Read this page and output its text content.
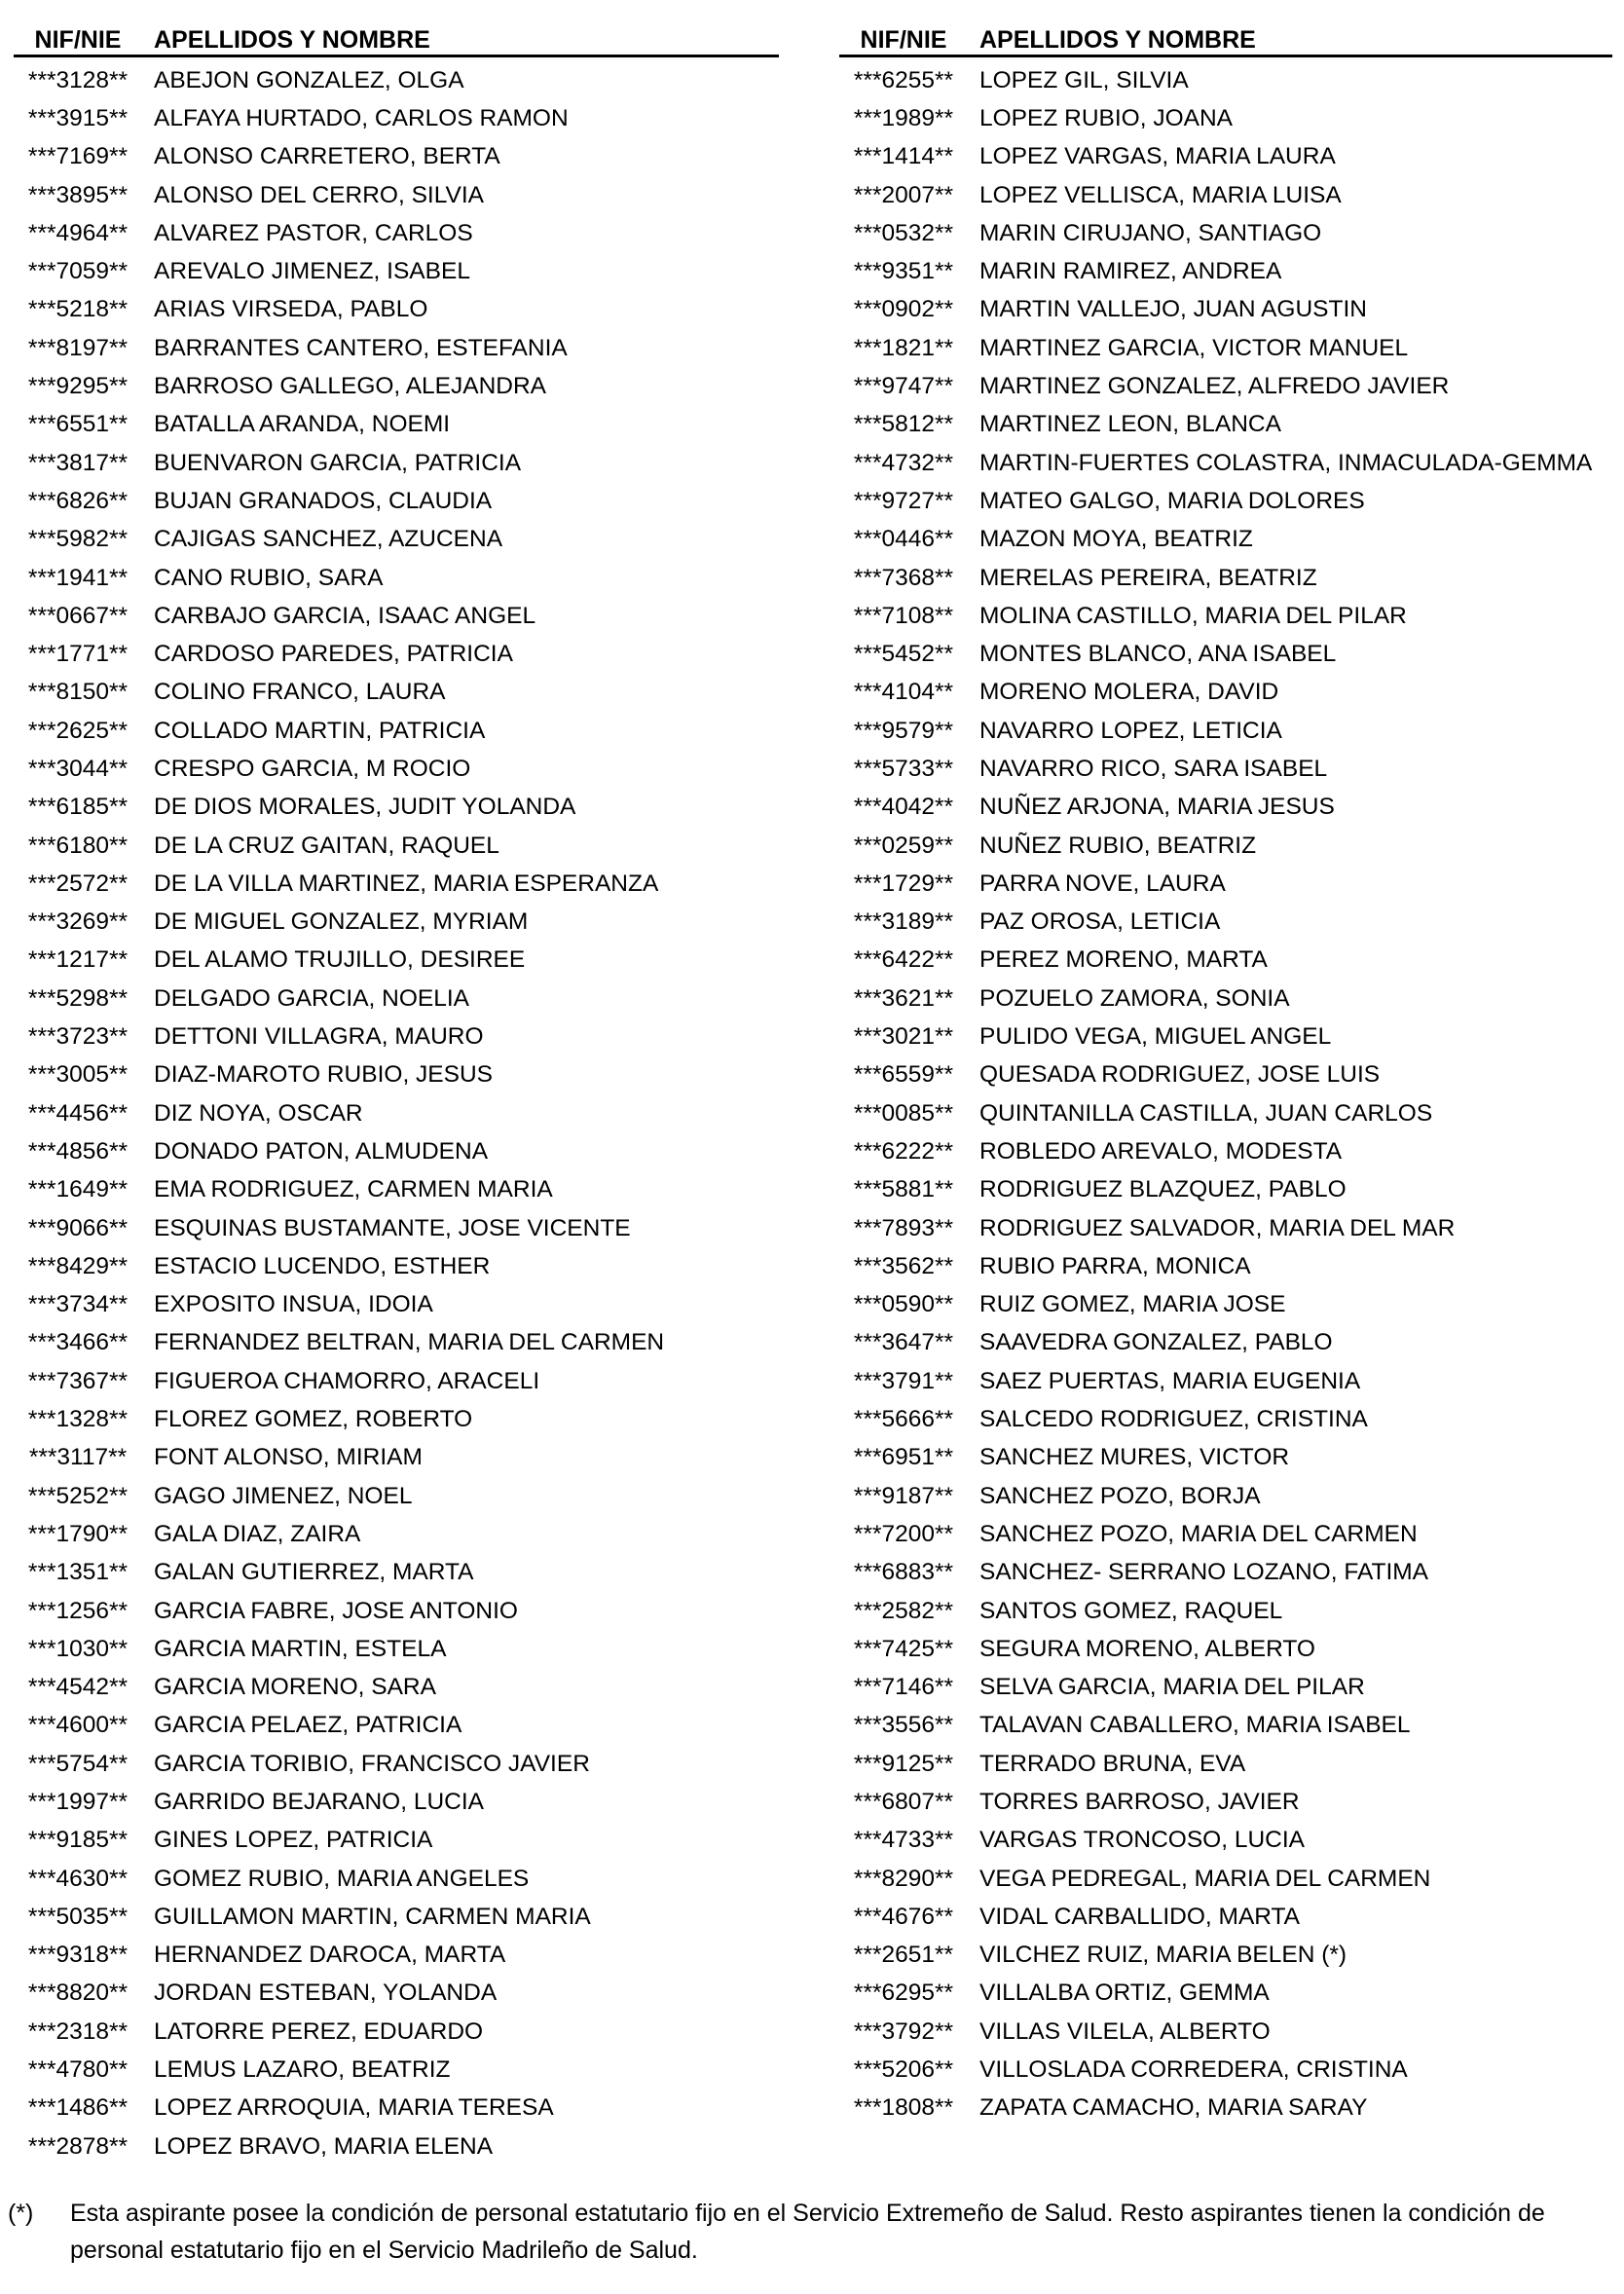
NIF/NIE	APELLIDOS Y NOMBRE
***3128**	ABEJON GONZALEZ, OLGA
***3915**	ALFAYA HURTADO, CARLOS RAMON
***7169**	ALONSO CARRETERO, BERTA
***3895**	ALONSO DEL CERRO, SILVIA
***4964**	ALVAREZ PASTOR, CARLOS
***7059**	AREVALO JIMENEZ, ISABEL
***5218**	ARIAS VIRSEDA, PABLO
***8197**	BARRANTES CANTERO, ESTEFANIA
***9295**	BARROSO GALLEGO, ALEJANDRA
***6551**	BATALLA ARANDA, NOEMI
***3817**	BUENVARON GARCIA, PATRICIA
***6826**	BUJAN GRANADOS, CLAUDIA
***5982**	CAJIGAS SANCHEZ, AZUCENA
***1941**	CANO RUBIO, SARA
***0667**	CARBAJO GARCIA, ISAAC ANGEL
***1771**	CARDOSO PAREDES, PATRICIA
***8150**	COLINO FRANCO, LAURA
***2625**	COLLADO MARTIN, PATRICIA
***3044**	CRESPO GARCIA, M ROCIO
***6185**	DE DIOS MORALES, JUDIT YOLANDA
***6180**	DE LA CRUZ GAITAN, RAQUEL
***2572**	DE LA VILLA MARTINEZ, MARIA ESPERANZA
***3269**	DE MIGUEL GONZALEZ, MYRIAM
***1217**	DEL ALAMO TRUJILLO, DESIREE
***5298**	DELGADO GARCIA, NOELIA
***3723**	DETTONI VILLAGRA, MAURO
***3005**	DIAZ-MAROTO RUBIO, JESUS
***4456**	DIZ NOYA, OSCAR
***4856**	DONADO PATON, ALMUDENA
***1649**	EMA RODRIGUEZ, CARMEN MARIA
***9066**	ESQUINAS BUSTAMANTE, JOSE VICENTE
***8429**	ESTACIO LUCENDO, ESTHER
***3734**	EXPOSITO INSUA, IDOIA
***3466**	FERNANDEZ BELTRAN, MARIA DEL CARMEN
***7367**	FIGUEROA CHAMORRO, ARACELI
***1328**	FLOREZ GOMEZ, ROBERTO
***3117**	FONT ALONSO, MIRIAM
***5252**	GAGO JIMENEZ, NOEL
***1790**	GALA DIAZ, ZAIRA
***1351**	GALAN GUTIERREZ, MARTA
***1256**	GARCIA FABRE, JOSE ANTONIO
***1030**	GARCIA MARTIN, ESTELA
***4542**	GARCIA MORENO, SARA
***4600**	GARCIA PELAEZ, PATRICIA
***5754**	GARCIA TORIBIO, FRANCISCO JAVIER
***1997**	GARRIDO BEJARANO, LUCIA
***9185**	GINES LOPEZ, PATRICIA
***4630**	GOMEZ RUBIO, MARIA ANGELES
***5035**	GUILLAMON MARTIN, CARMEN MARIA
***9318**	HERNANDEZ DAROCA, MARTA
***8820**	JORDAN ESTEBAN, YOLANDA
***2318**	LATORRE PEREZ, EDUARDO
***4780**	LEMUS LAZARO, BEATRIZ
***1486**	LOPEZ ARROQUIA, MARIA TERESA
***2878**	LOPEZ BRAVO, MARIA ELENA
NIF/NIE	APELLIDOS Y NOMBRE
***6255**	LOPEZ GIL, SILVIA
***1989**	LOPEZ RUBIO, JOANA
***1414**	LOPEZ VARGAS, MARIA LAURA
***2007**	LOPEZ VELLISCA, MARIA LUISA
***0532**	MARIN CIRUJANO, SANTIAGO
***9351**	MARIN RAMIREZ, ANDREA
***0902**	MARTIN VALLEJO, JUAN AGUSTIN
***1821**	MARTINEZ GARCIA, VICTOR MANUEL
***9747**	MARTINEZ GONZALEZ, ALFREDO JAVIER
***5812**	MARTINEZ LEON, BLANCA
***4732**	MARTIN-FUERTES COLASTRA, INMACULADA-GEMMA
***9727**	MATEO GALGO, MARIA DOLORES
***0446**	MAZON MOYA, BEATRIZ
***7368**	MERELAS PEREIRA, BEATRIZ
***7108**	MOLINA CASTILLO, MARIA DEL PILAR
***5452**	MONTES BLANCO, ANA ISABEL
***4104**	MORENO MOLERA, DAVID
***9579**	NAVARRO LOPEZ, LETICIA
***5733**	NAVARRO RICO, SARA ISABEL
***4042**	NUÑEZ ARJONA, MARIA JESUS
***0259**	NUÑEZ RUBIO, BEATRIZ
***1729**	PARRA NOVE, LAURA
***3189**	PAZ OROSA, LETICIA
***6422**	PEREZ MORENO, MARTA
***3621**	POZUELO ZAMORA, SONIA
***3021**	PULIDO VEGA, MIGUEL ANGEL
***6559**	QUESADA RODRIGUEZ, JOSE LUIS
***0085**	QUINTANILLA CASTILLA, JUAN CARLOS
***6222**	ROBLEDO AREVALO, MODESTA
***5881**	RODRIGUEZ BLAZQUEZ, PABLO
***7893**	RODRIGUEZ SALVADOR, MARIA DEL MAR
***3562**	RUBIO PARRA, MONICA
***0590**	RUIZ GOMEZ, MARIA JOSE
***3647**	SAAVEDRA GONZALEZ, PABLO
***3791**	SAEZ PUERTAS, MARIA EUGENIA
***5666**	SALCEDO RODRIGUEZ, CRISTINA
***6951**	SANCHEZ MURES, VICTOR
***9187**	SANCHEZ POZO, BORJA
***7200**	SANCHEZ POZO, MARIA DEL CARMEN
***6883**	SANCHEZ- SERRANO LOZANO, FATIMA
***2582**	SANTOS GOMEZ, RAQUEL
***7425**	SEGURA MORENO, ALBERTO
***7146**	SELVA GARCIA, MARIA DEL PILAR
***3556**	TALAVAN CABALLERO, MARIA ISABEL
***9125**	TERRADO BRUNA, EVA
***6807**	TORRES BARROSO, JAVIER
***4733**	VARGAS TRONCOSO, LUCIA
***8290**	VEGA PEDREGAL, MARIA DEL CARMEN
***4676**	VIDAL CARBALLIDO, MARTA
***2651**	VILCHEZ RUIZ, MARIA BELEN (*)
***6295**	VILLALBA ORTIZ, GEMMA
***3792**	VILLAS VILELA, ALBERTO
***5206**	VILLOSLADA CORREDERA, CRISTINA
***1808**	ZAPATA CAMACHO, MARIA SARAY
(*)	Esta aspirante posee la condición de personal estatutario fijo en el Servicio Extremeño de Salud. Resto aspirantes tienen la condición de personal estatutario fijo en el Servicio Madrileño de Salud.
